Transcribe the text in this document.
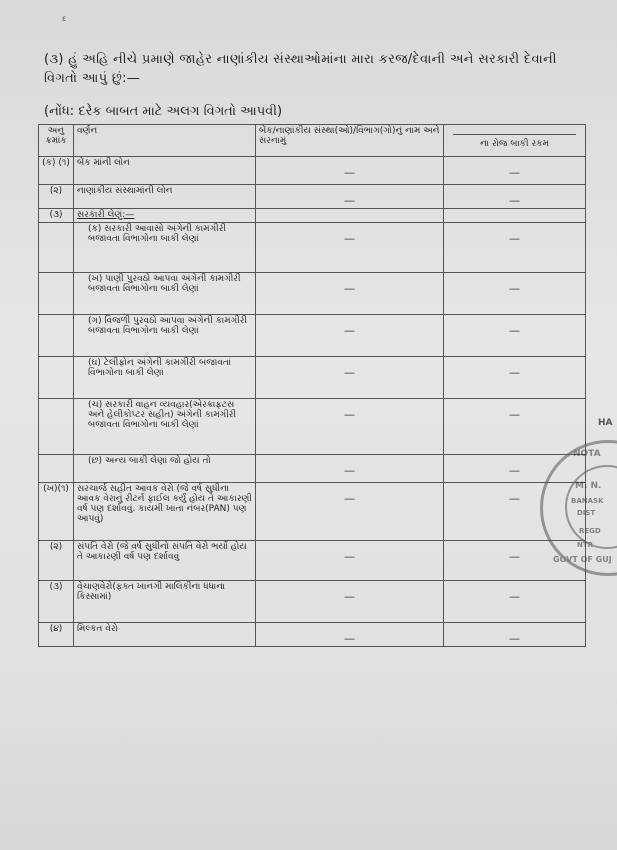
ε
(૩) હું અહિ નીચે પ્રમાણે જાહેર નાણાંકીય સંસ્થાઓમાંના મારા કરજ/દેવાની અને સરકારી દેવાની વિગતો આપું છું:—
(નોંધ: દરેક બાબત માટે અલગ વિગતો આપવી)
અનુ ક્રમાંક	વર્ણન	બેંક/નાણાંકીય સંસ્થા(ઓ)/વિભાગ(ગો)નું નામ અને સરનામું	ના રોજ બાકી રકમ
(ક) (૧)	બેંક માંની લોન	—	—

(૨)	નાણાંકીય સંસ્થામાંની લોન	—	—

(૩)	સરકારી લેણું:—		
	(ક) સરકારી આવાસો અંગેની કામગીરી બજાવતા વિભાગોના બાકી લેણાં	—	—

	(ખ) પાણી પુરવઠો આપવા અંગેની કામગીરી બજાવતા વિભાગોના બાકી લેણાં	—	—

	(ગ) વિજળી પુરવઠો આપવા અંગેની કામગીરી બજાવતા વિભાગોના બાકી લેણાં	—	—

	(ઘ) ટેલીફોન અંગેની કામગીરી બજાવતાં વિભાગોના બાકી લેણાં	—	—

	(ચ) સરકારી વાહન વ્યવહાર(એરક્રાફટસ અને હેલીકોપ્ટર સહીત) અંગેની કામગીરી બજાવતા વિભાગોના બાકી લેણાં	—	—

	(છ) અન્ય બાકી લેણાં જો હોય તો	—	—

(ખ)(૧)	સરચાર્જ સહીત આવક વેરો (જે વર્ષ સુધીના આવક વેરાનું રીટર્ન ફાઈલ કર્યું હોય તે આકારણી વર્ષ પણ દર્શાવવું. કાયમી ખાતા નંબર(PAN) પણ આપવું)	—	—

(૨)	સંપતિ વેરો (જે વર્ષ સુધીનો સંપતિ વેરો ભર્યો હોય તે આકારણી વર્ષ પણ દર્શાવવું	—	—

(૩)	વેચાણવેરો(ફક્ત ખાનગી માલિકીના ધંધાના કિસ્સામાં)	—	—

(૪)	મિલ્કત વેરો	—	—
NOTA
M. N.
BANASK
DIST
REGD
NTR
GOVT OF GUJ
HA
